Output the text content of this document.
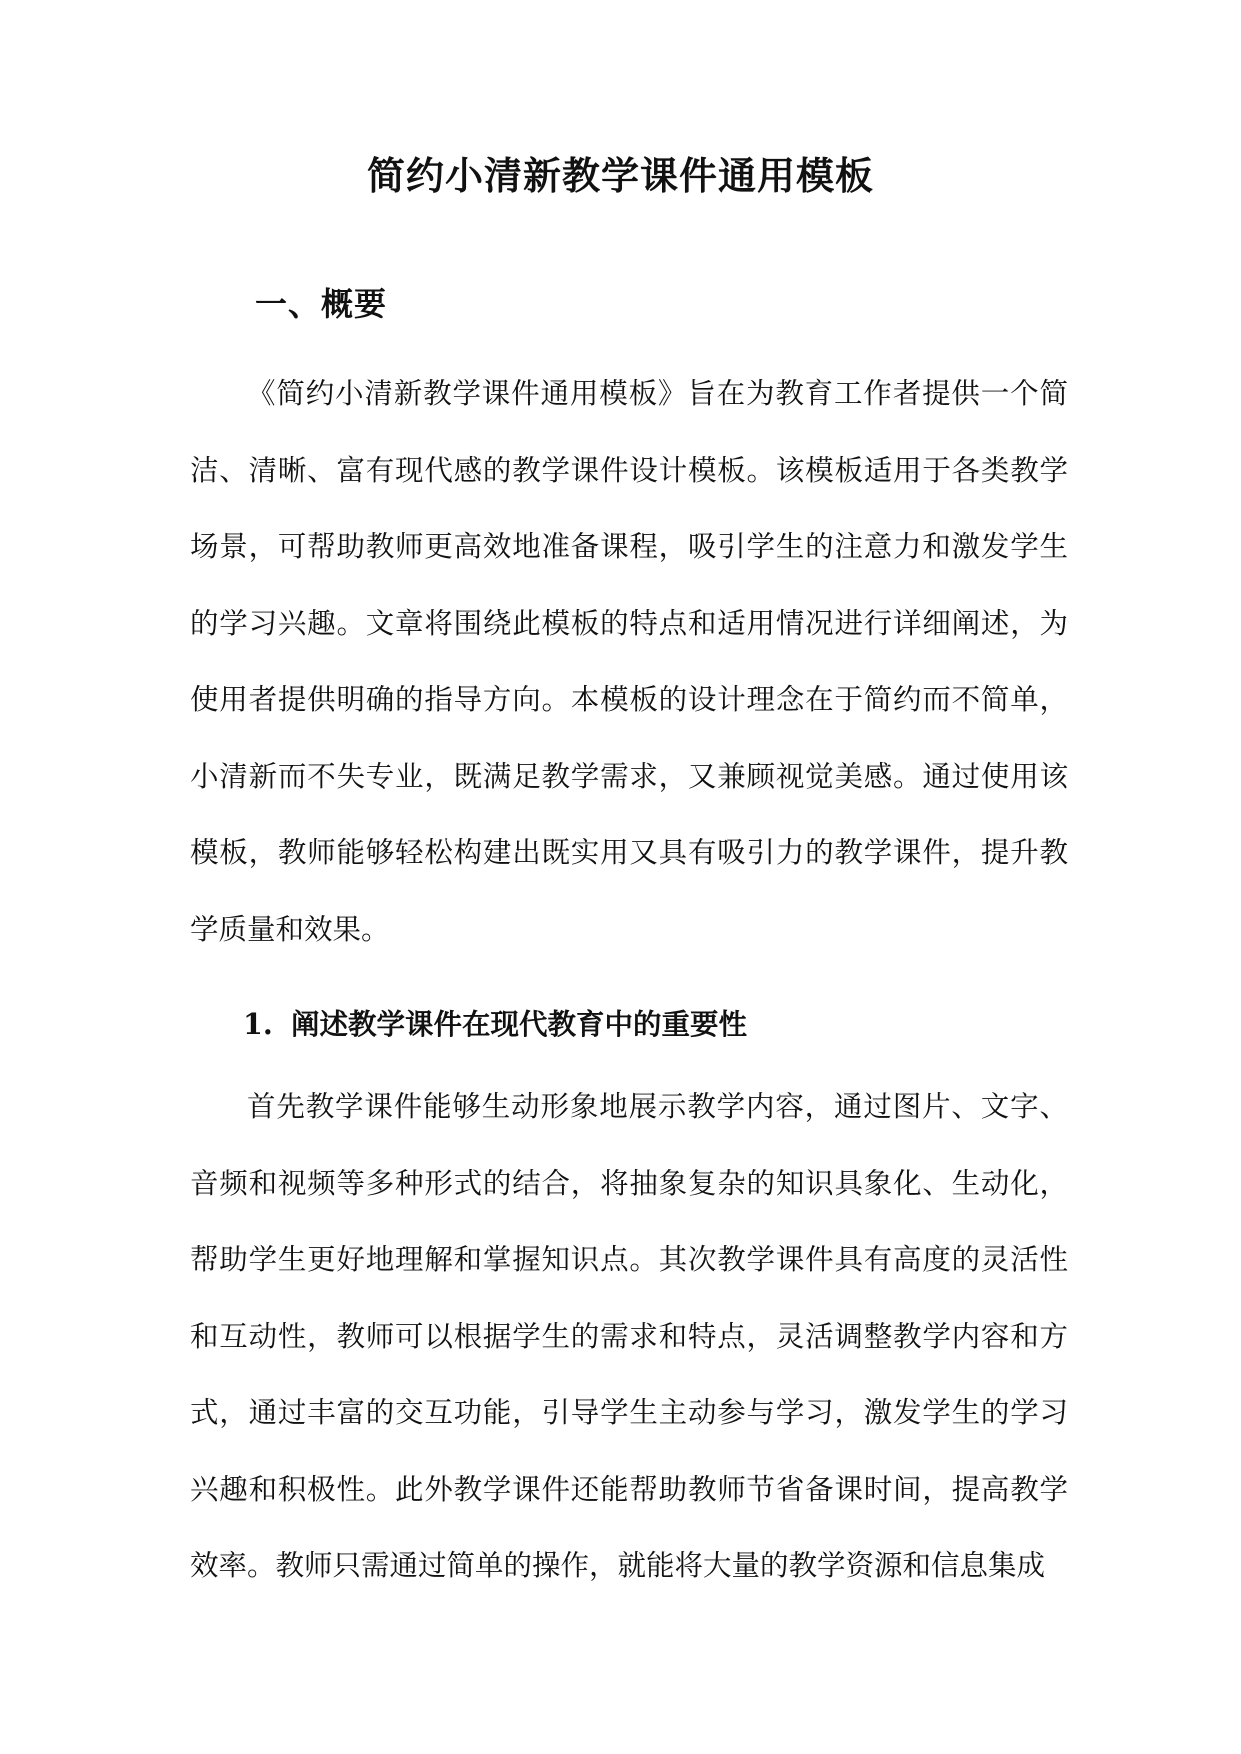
简约小清新教学课件通用模板
一、概要

《简约小清新教学课件通用模板》旨在为教育工作者提供一个简洁、清晰、富有现代感的教学课件设计模板。该模板适用于各类教学场景，可帮助教师更高效地准备课程，吸引学生的注意力和激发学生的学习兴趣。文章将围绕此模板的特点和适用情况进行详细阐述，为使用者提供明确的指导方向。本模板的设计理念在于简约而不简单，小清新而不失专业，既满足教学需求，又兼顾视觉美感。通过使用该模板，教师能够轻松构建出既实用又具有吸引力的教学课件，提升教学质量和效果。

1. 阐述教学课件在现代教育中的重要性

首先教学课件能够生动形象地展示教学内容，通过图片、文字、音频和视频等多种形式的结合，将抽象复杂的知识具象化、生动化，帮助学生更好地理解和掌握知识点。其次教学课件具有高度的灵活性和互动性，教师可以根据学生的需求和特点，灵活调整教学内容和方式，通过丰富的交互功能，引导学生主动参与学习，激发学生的学习兴趣和积极性。此外教学课件还能帮助教师节省备课时间，提高教学效率。教师只需通过简单的操作，就能将大量的教学资源和信息集成
